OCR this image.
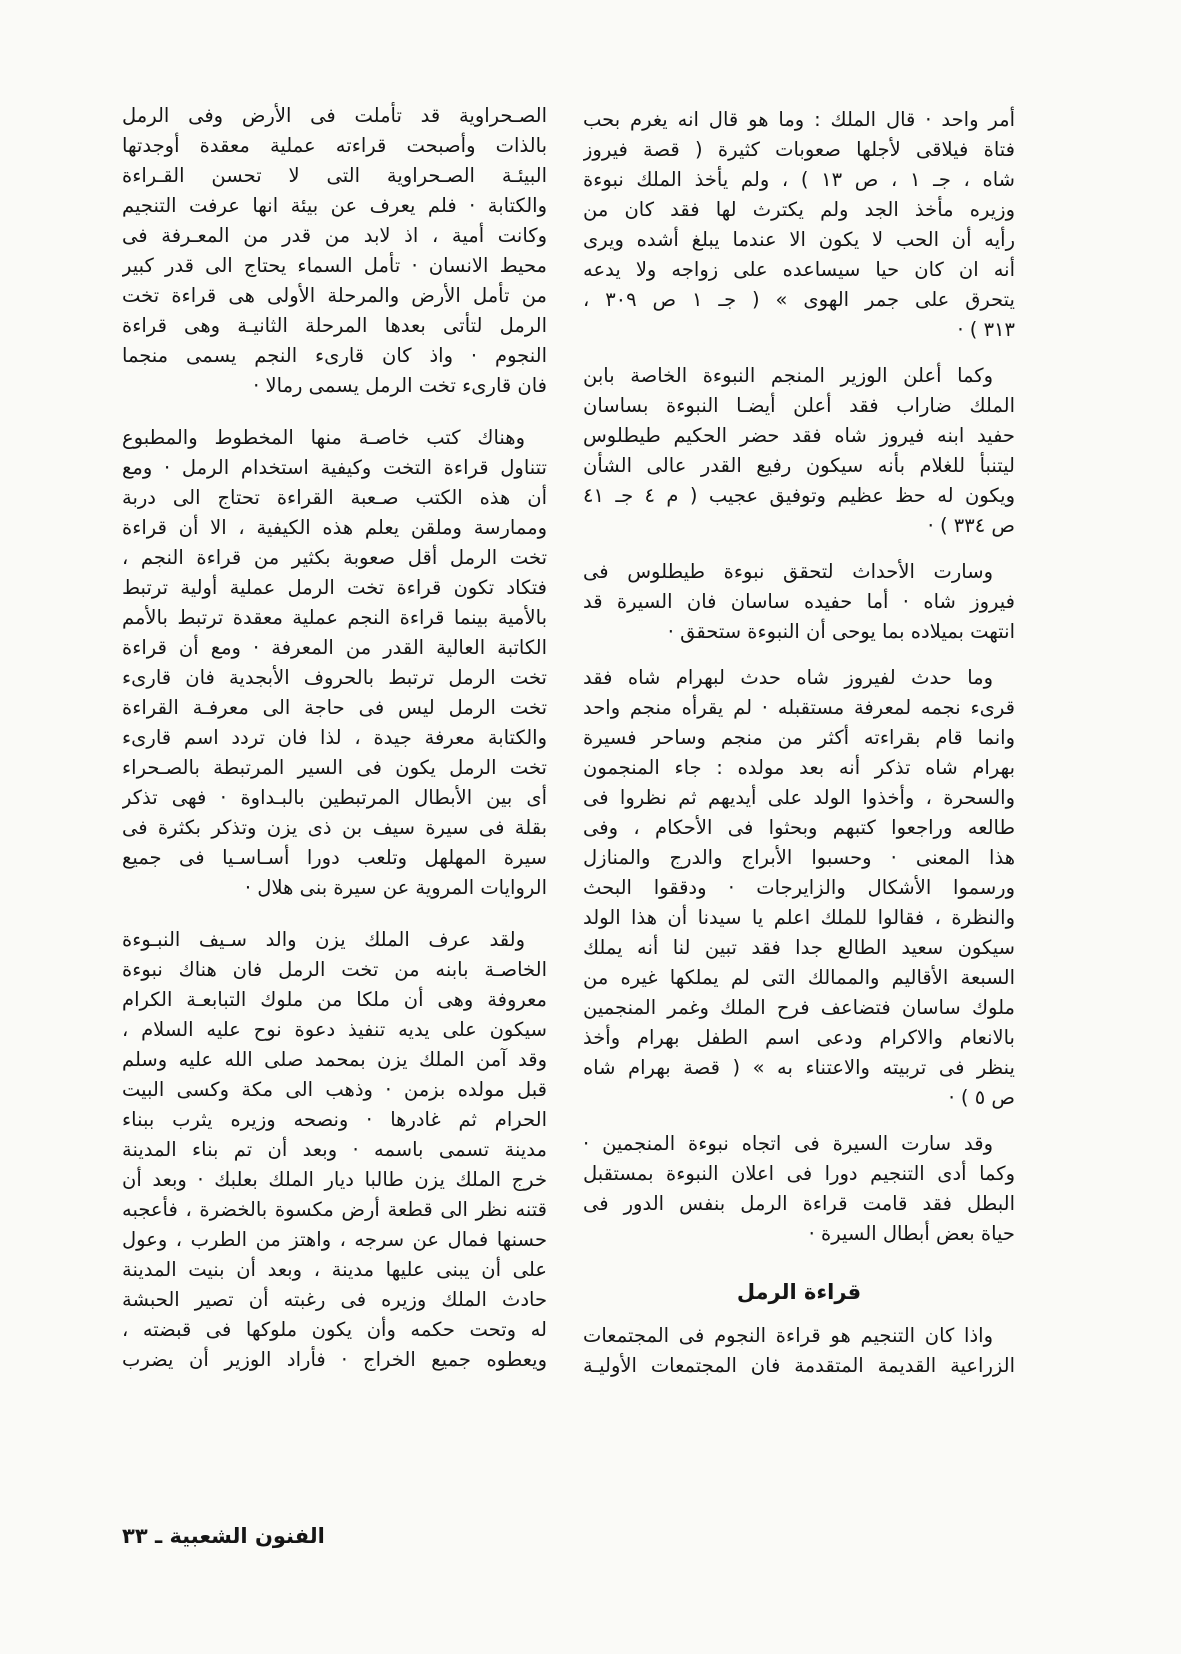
أمر واحد · قال الملك : وما هو قال انه يغرم بحب
فتاة فيلاقى لأجلها صعوبات كثيرة ( قصة فيروز
شاه ، جـ ١ ، ص ١٣ ) ، ولم يأخذ الملك نبوءة
وزيره مأخذ الجد ولم يكترث لها فقد كان من
رأيه أن الحب لا يكون الا عندما يبلغ أشده ويرى
أنه ان كان حيا سيساعده على زواجه ولا يدعه
يتحرق على جمر الهوى » ( جـ ١ ص ٣٠٩ ،
٣١٣ ) ·
وكما أعلن الوزير المنجم النبوءة الخاصة بابن
الملك ضاراب فقد أعلن أيضـا النبوءة بساسان
حفيد ابنه فيروز شاه فقد حضر الحكيم طيطلوس
ليتنبأ للغلام بأنه سيكون رفيع القدر عالى الشأن
ويكون له حظ عظيم وتوفيق عجيب ( م ٤ جـ ٤١
ص ٣٣٤ ) ·
وسارت الأحداث لتحقق نبوءة طيطلوس فى
فيروز شاه · أما حفيده ساسان فان السيرة قد
انتهت بميلاده بما يوحى أن النبوءة ستحقق ·
وما حدث لفيروز شاه حدث لبهرام شاه فقد
قرىء نجمه لمعرفة مستقبله · لم يقرأه منجم واحد
وانما قام بقراءته أكثر من منجم وساحر فسيرة
بهرام شاه تذكر أنه بعد مولده : جاء المنجمون
والسحرة ، وأخذوا الولد على أيديهم ثم نظروا فى
طالعه وراجعوا كتبهم وبحثوا فى الأحكام ، وفى
هذا المعنى · وحسبوا الأبراج والدرج والمنازل
ورسموا الأشكال والزايرجات · ودققوا البحث
والنظرة ، فقالوا للملك اعلم يا سيدنا أن هذا الولد
سيكون سعيد الطالع جدا فقد تبين لنا أنه يملك
السبعة الأقاليم والممالك التى لم يملكها غيره من
ملوك ساسان فتضاعف فرح الملك وغمر المنجمين
بالانعام والاكرام ودعى اسم الطفل بهرام وأخذ
ينظر فى تربيته والاعتناء به » ( قصة بهرام شاه
ص ٥ ) ·
وقد سارت السيرة فى اتجاه نبوءة المنجمين ·
وكما أدى التنجيم دورا فى اعلان النبوءة بمستقبل
البطل فقد قامت قراءة الرمل بنفس الدور فى
حياة بعض أبطال السيرة ·
قراءة الرمل
واذا كان التنجيم هو قراءة النجوم فى المجتمعات
الزراعية القديمة المتقدمة فان المجتمعات الأوليـة
الصـحراوية قد تأملت فى الأرض وفى الرمل
بالذات وأصبحت قراءته عملية معقدة أوجدتها
البيئـة الصـحراوية التى لا تحسن القـراءة
والكتابة · فلم يعرف عن بيئة انها عرفت التنجيم
وكانت أمية ، اذ لابد من قدر من المعـرفة فى
محيط الانسان · تأمل السماء يحتاج الى قدر كبير
من تأمل الأرض والمرحلة الأولى هى قراءة تخت
الرمل لتأتى بعدها المرحلة الثانيـة وهى قراءة
النجوم · واذ كان قارىء النجم يسمى منجما
فان قارىء تخت الرمل يسمى رمالا ·
وهناك كتب خاصـة منها المخطوط والمطبوع
تتناول قراءة التخت وكيفية استخدام الرمل · ومع
أن هذه الكتب صـعبة القراءة تحتاج الى دربة
وممارسة وملقن يعلم هذه الكيفية ، الا أن قراءة
تخت الرمل أقل صعوبة بكثير من قراءة النجم ،
فتكاد تكون قراءة تخت الرمل عملية أولية ترتبط
بالأمية بينما قراءة النجم عملية معقدة ترتبط بالأمم
الكاتبة العالية القدر من المعرفة · ومع أن قراءة
تخت الرمل ترتبط بالحروف الأبجدية فان قارىء
تخت الرمل ليس فى حاجة الى معرفـة القراءة
والكتابة معرفة جيدة ، لذا فان تردد اسم قارىء
تخت الرمل يكون فى السير المرتبطة بالصـحراء
أى بين الأبطال المرتبطين بالبـداوة · فهى تذكر
بقلة فى سيرة سيف بن ذى يزن وتذكر بكثرة فى
سيرة المهلهل وتلعب دورا أسـاسـيا فى جميع
الروايات المروية عن سيرة بنى هلال ·
ولقد عرف الملك يزن والد سـيف النبـوءة
الخاصـة بابنه من تخت الرمل فان هناك نبوءة
معروفة وهى أن ملكا من ملوك التبابعـة الكرام
سيكون على يديه تنفيذ دعوة نوح عليه السلام ،
وقد آمن الملك يزن بمحمد صلى الله عليه وسلم
قبل مولده بزمن · وذهب الى مكة وكسى البيت
الحرام ثم غادرها · ونصحه وزيره يثرب ببناء
مدينة تسمى باسمه · وبعد أن تم بناء المدينة
خرج الملك يزن طالبا ديار الملك بعلبك · وبعد أن
قتنه نظر الى قطعة أرض مكسوة بالخضرة ، فأعجبه
حسنها فمال عن سرجه ، واهتز من الطرب ، وعول
على أن يبنى عليها مدينة ، وبعد أن بنيت المدينة
حادث الملك وزيره فى رغبته أن تصير الحبشة
له وتحت حكمه وأن يكون ملوكها فى قبضته ،
ويعطوه جميع الخراج · فأراد الوزير أن يضرب
الفنون الشعبية ـ ٣٣
